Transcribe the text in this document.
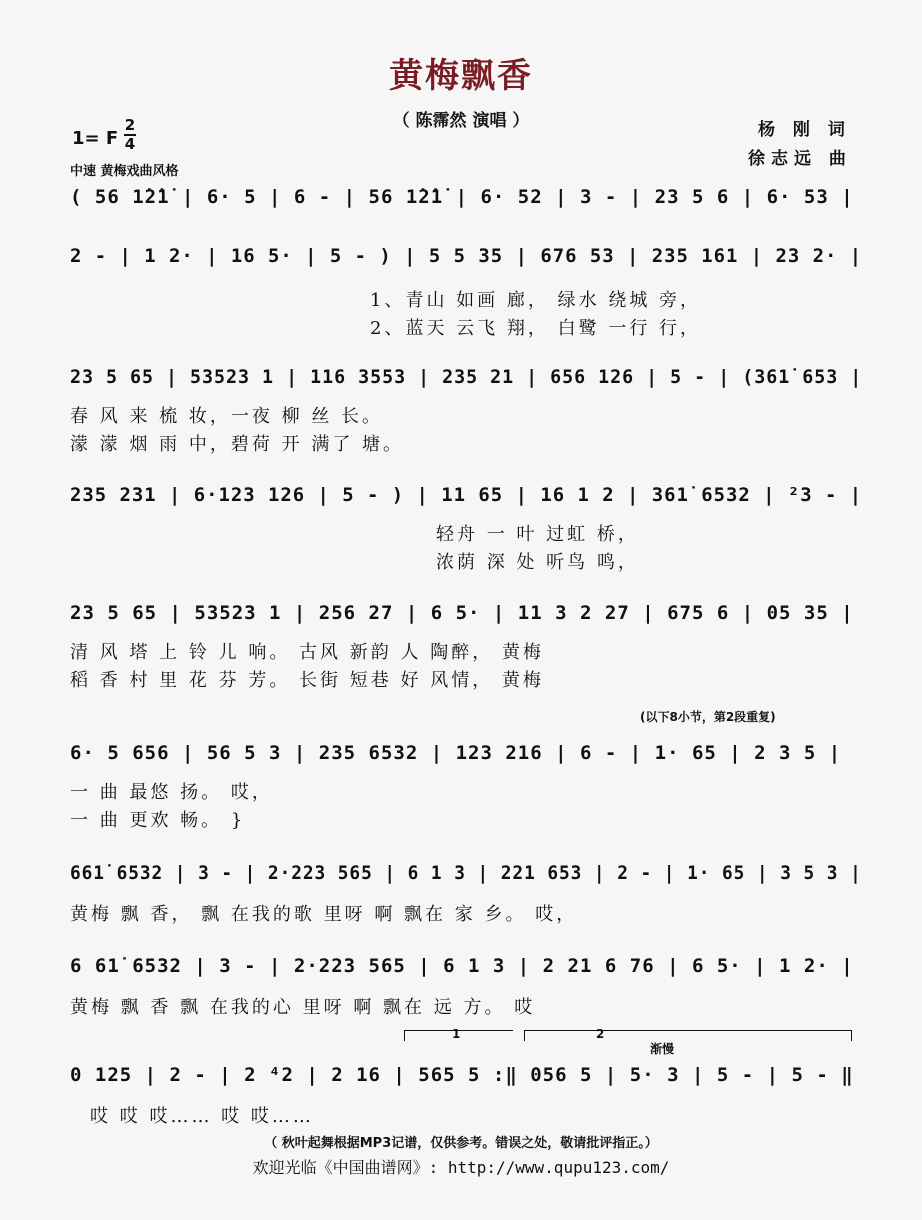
黄梅飘香
（ 陈霈然 演唱 ）	杨 刚 词
徐志远 曲
1= F
2
4
中速 黄梅戏曲风格
( 56 1̇2̇1̇ | 6· 5 | 6 - | 56 1̇2̇1̇ | 6· 52 | 3 - | 23 5 6 | 6· 53 |
2 - | 1 2· | 16 5· | 5 - ) | 5 5 35 | 676 53 | 235 161 | 23 2· |
1、青山 如画 廊， 绿水 绕城 旁，
2、蓝天 云飞 翔， 白鹭 一行 行，
23 5 65 | 53523 1 | 116 3553 | 235 21 | 656 126 | 5 - | (361̇ 653 |
春 风 来 梳 妆，一夜 柳 丝 长。
濛 濛 烟 雨 中，碧荷 开 满了 塘。
235 231 | 6·123 126 | 5 - ) | 11 65 | 16 1 2 | 361̇ 6532 | ²3 - |
轻舟 一 叶 过虹 桥，
浓荫 深 处 听鸟 鸣，
23 5 65 | 53523 1 | 256 27 | 6 5· | 11 3 2 27 | 675 6 | 05 35 |
清 风 塔 上 铃 儿 响。 古风 新韵 人 陶醉， 黄梅
稻 香 村 里 花 芬 芳。 长街 短巷 好 风情， 黄梅
(以下8小节，第2段重复)
6· 5 656 | 56 5 3 | 235 6532 | 123 216 | 6 - | 1· 65 | 2 3 5 |
一 曲 最悠 扬。 哎，
一 曲 更欢 畅。 }
661̇ 6532 | 3 - | 2·223 565 | 6 1 3 | 221 653 | 2 - | 1· 65 | 3 5 3 |
黄梅 飘 香， 飘 在我的歌 里呀 啊 飘在 家 乡。 哎，
6 61̇ 6532 | 3 - | 2·223 565 | 6 1 3 | 2 21 6 76 | 6 5· | 1 2· |
黄梅 飘 香 飘 在我的心 里呀 啊 飘在 远 方。 哎
1	2
渐慢
0 125 | 2 - | 2 ⁴2 | 2 16 | 565 5 :‖ 056 5 | 5· 3 | 5 - | 5 - ‖
哎 哎 哎…… 哎 哎……
（ 秋叶起舞根据MP3记谱，仅供参考。错误之处，敬请批评指正。）
欢迎光临《中国曲谱网》: http://www.qupu123.com/
